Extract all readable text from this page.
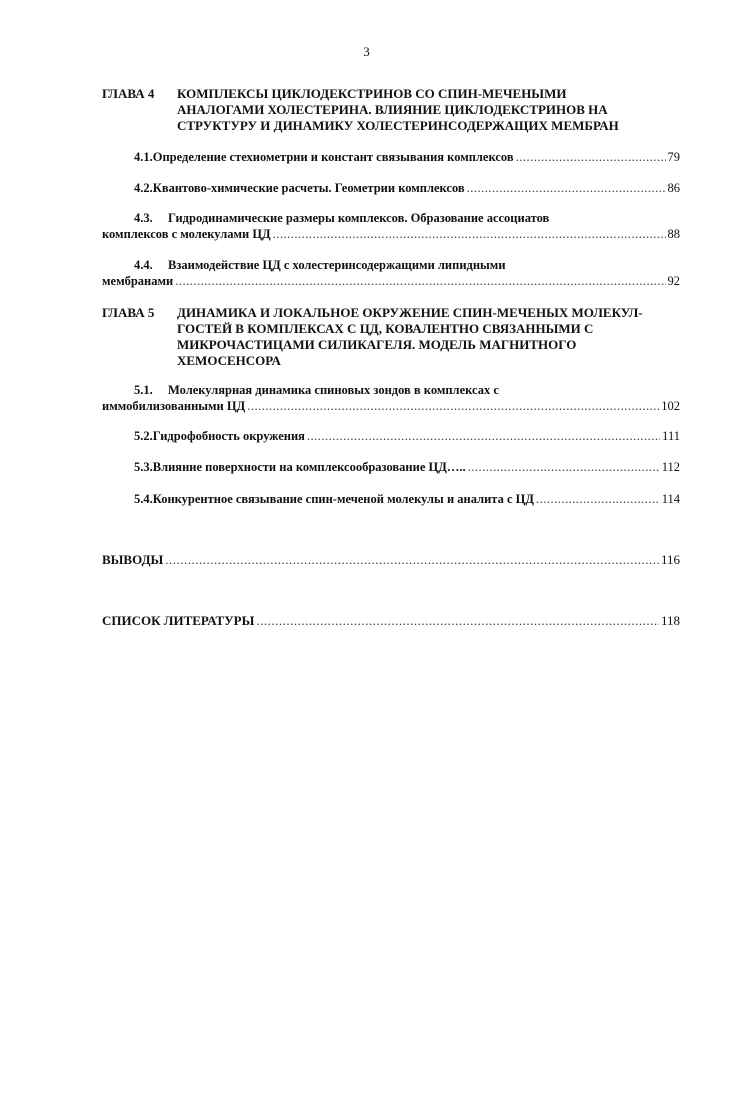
3
ГЛАВА 4	КОМПЛЕКСЫ ЦИКЛОДЕКСТРИНОВ СО СПИН-МЕЧЕНЫМИ
АНАЛОГАМИ ХОЛЕСТЕРИНА. ВЛИЯНИЕ ЦИКЛОДЕКСТРИНОВ НА
СТРУКТУРУ И ДИНАМИКУ ХОЛЕСТЕРИНСОДЕРЖАЩИХ МЕМБРАН
4.1. Определение стехиометрии и констант связывания комплексов .....	79
4.2. Квантово-химические расчеты. Геометрии комплексов .....	86
4.3. Гидродинамические размеры комплексов. Образование ассоциатов
комплексов с молекулами ЦД .....	88
4.4. Взаимодействие ЦД с холестеринсодержащими липидными
мембранами .....	92
ГЛАВА 5	ДИНАМИКА И ЛОКАЛЬНОЕ ОКРУЖЕНИЕ СПИН-МЕЧЕНЫХ МОЛЕКУЛ-
ГОСТЕЙ В КОМПЛЕКСАХ С ЦД, КОВАЛЕНТНО СВЯЗАННЫМИ С
МИКРОЧАСТИЦАМИ СИЛИКАГЕЛЯ. МОДЕЛЬ МАГНИТНОГО
ХЕМОСЕНСОРА
5.1. Молекулярная динамика спиновых зондов в комплексах с
иммобилизованными ЦД .....	102
5.2. Гидрофобность окружения .....	111
5.3. Влияние поверхности на комплексообразование ЦД….. .....	112
5.4. Конкурентное связывание спин-меченой молекулы и аналита с ЦД .....	114
ВЫВОДЫ .....	116
СПИСОК ЛИТЕРАТУРЫ .....	118
